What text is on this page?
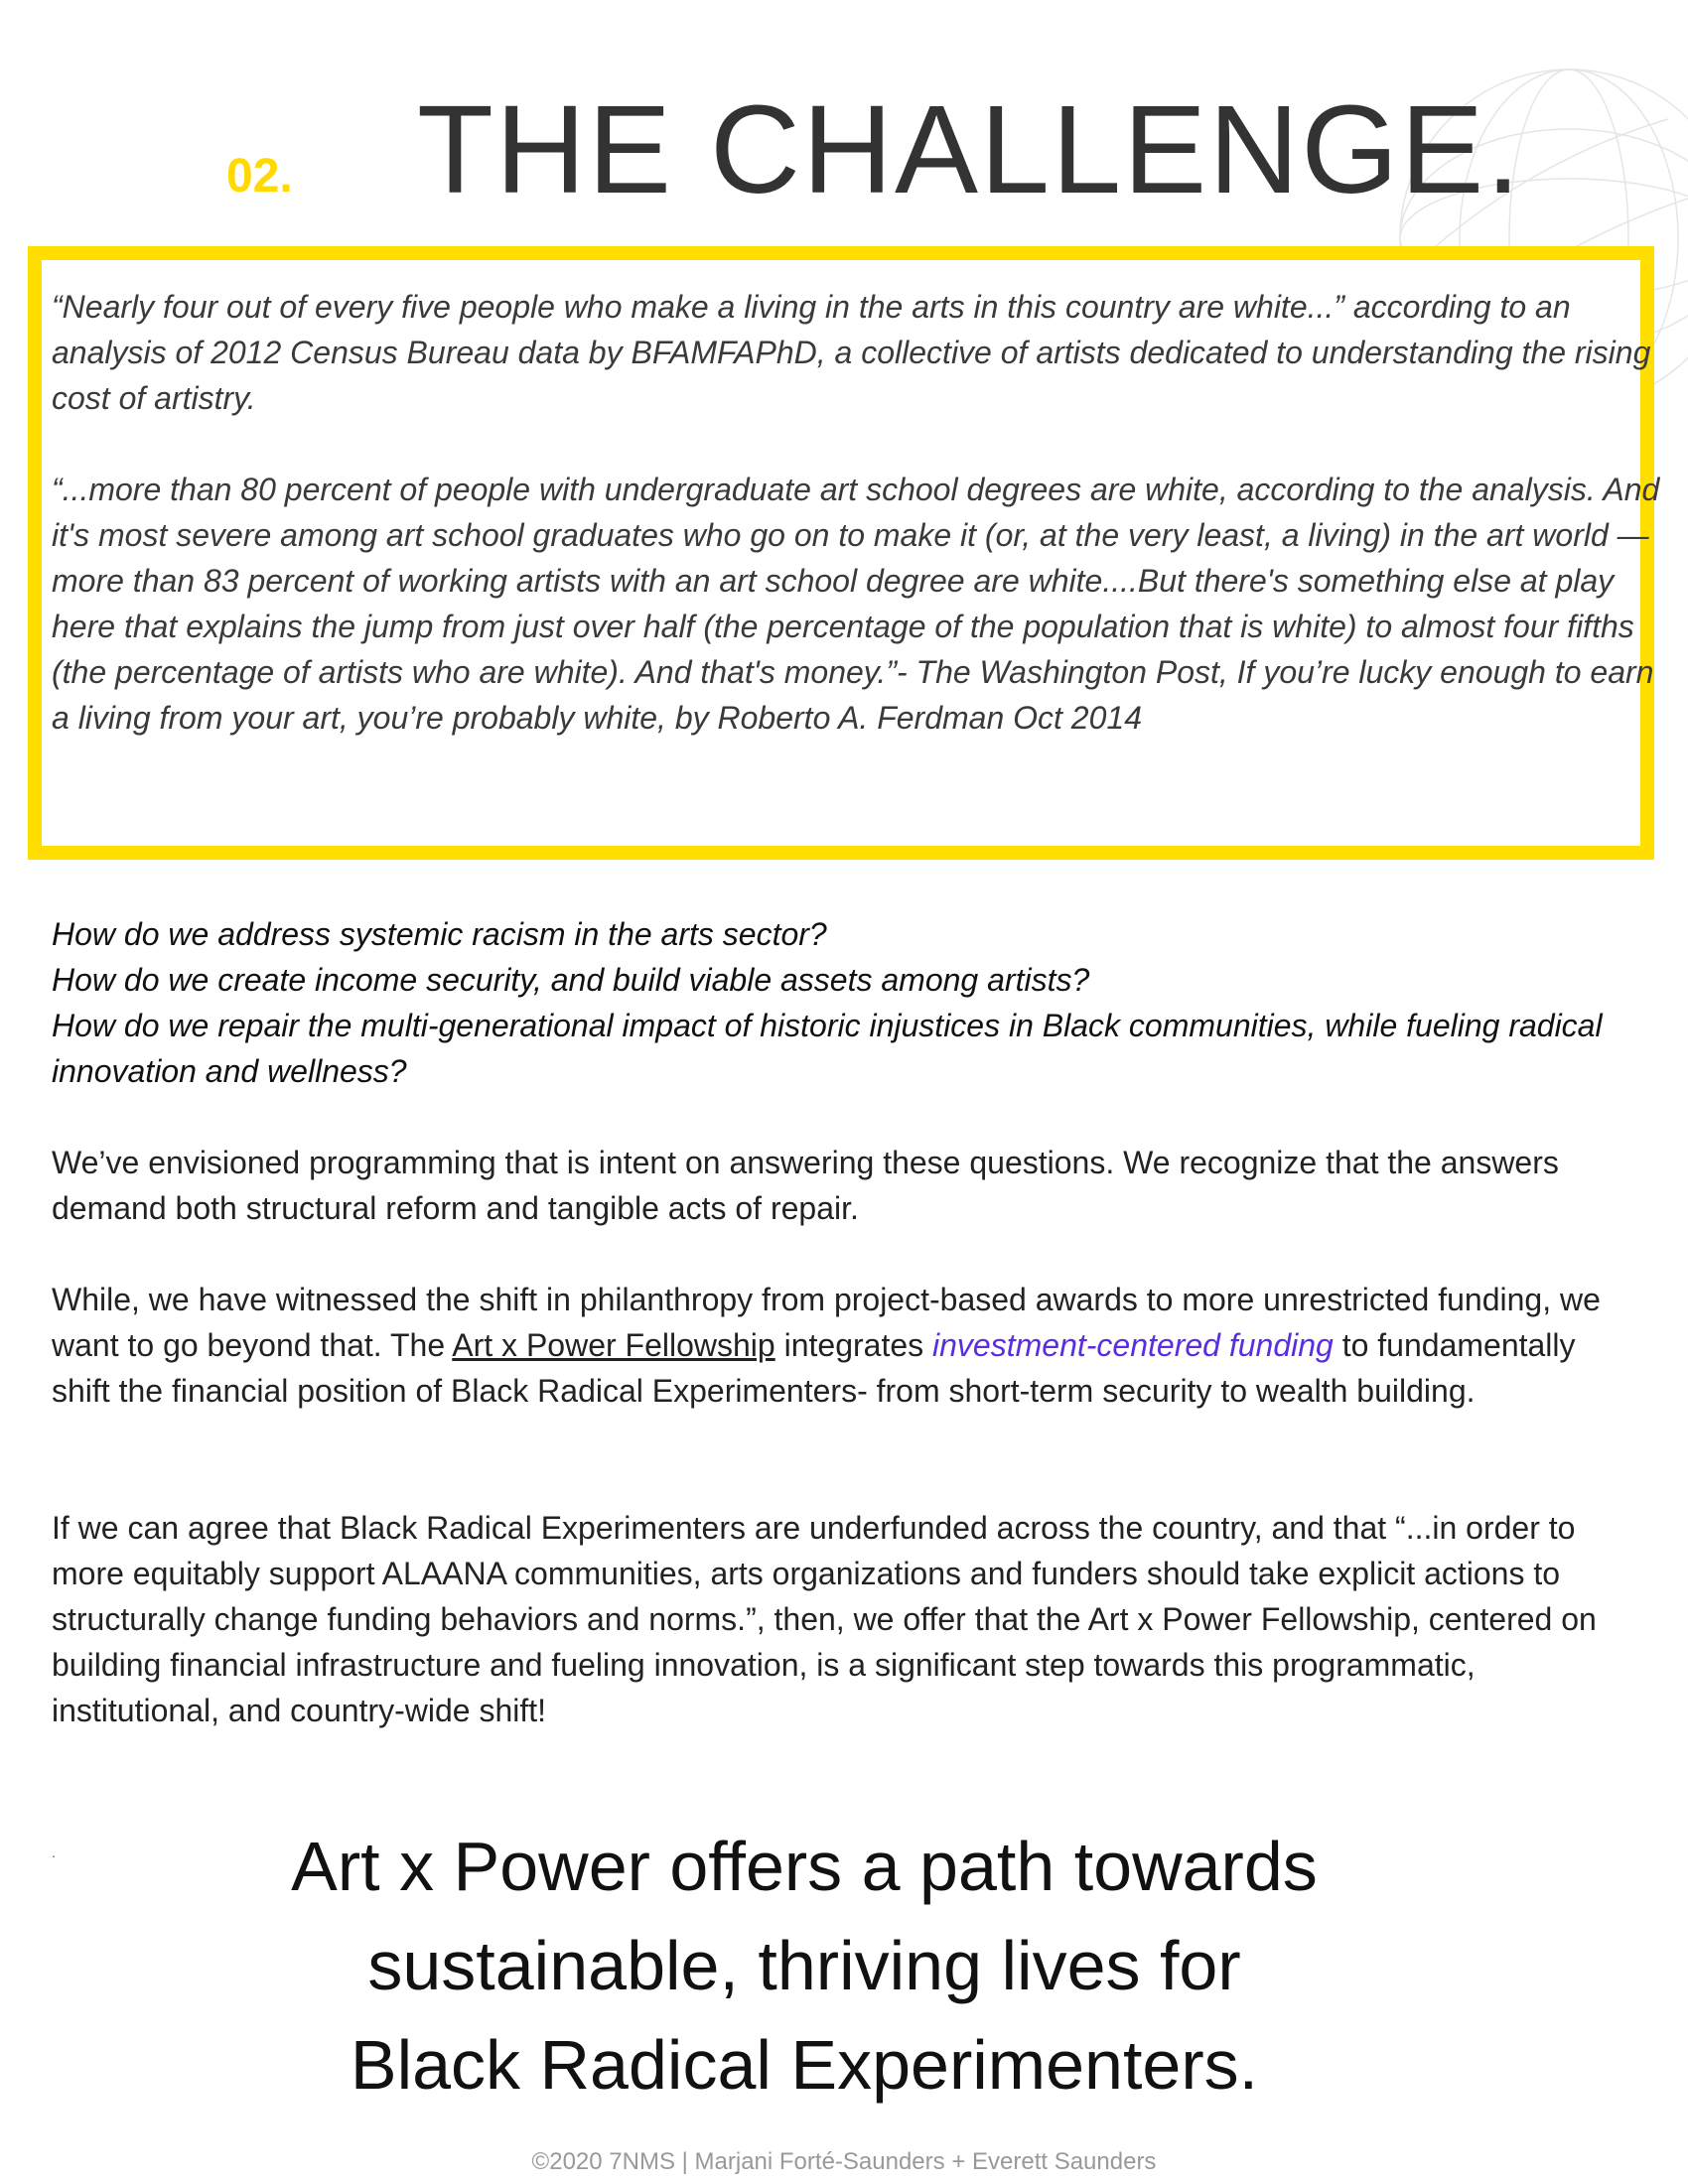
02. THE CHALLENGE.
“Nearly four out of every five people who make a living in the arts in this country are white...” according to an analysis of 2012 Census Bureau data by BFAMFAPhD, a collective of artists dedicated to understanding the rising cost of artistry.
“...more than 80 percent of people with undergraduate art school degrees are white, according to the analysis. And it's most severe among art school graduates who go on to make it (or, at the very least, a living) in the art world — more than 83 percent of working artists with an art school degree are white....But there's something else at play here that explains the jump from just over half (the percentage of the population that is white) to almost four fifths (the percentage of artists who are white). And that's money.”- The Washington Post, If you’re lucky enough to earn a living from your art, you’re probably white, by Roberto A. Ferdman Oct 2014
How do we address systemic racism in the arts sector?
How do we create income security, and build viable assets among artists?
How do we repair the multi-generational impact of historic injustices in Black communities, while fueling radical innovation and wellness?
We’ve envisioned programming that is intent on answering these questions. We recognize that the answers demand both structural reform and tangible acts of repair.
While, we have witnessed the shift in philanthropy from project-based awards to more unrestricted funding, we want to go beyond that. The Art x Power Fellowship integrates investment-centered funding to fundamentally shift the financial position of Black Radical Experimenters- from short-term security to wealth building.
If we can agree that Black Radical Experimenters are underfunded across the country, and that “...in order to more equitably support ALAANA communities, arts organizations and funders should take explicit actions to structurally change funding behaviors and norms.”, then, we offer that the Art x Power Fellowship, centered on building financial infrastructure and fueling innovation, is a significant step towards this programmatic, institutional, and country-wide shift!
.	Art x Power offers a path towards
sustainable, thriving lives for
Black Radical Experimenters.
©2020 7NMS | Marjani Forté-Saunders + Everett Saunders
